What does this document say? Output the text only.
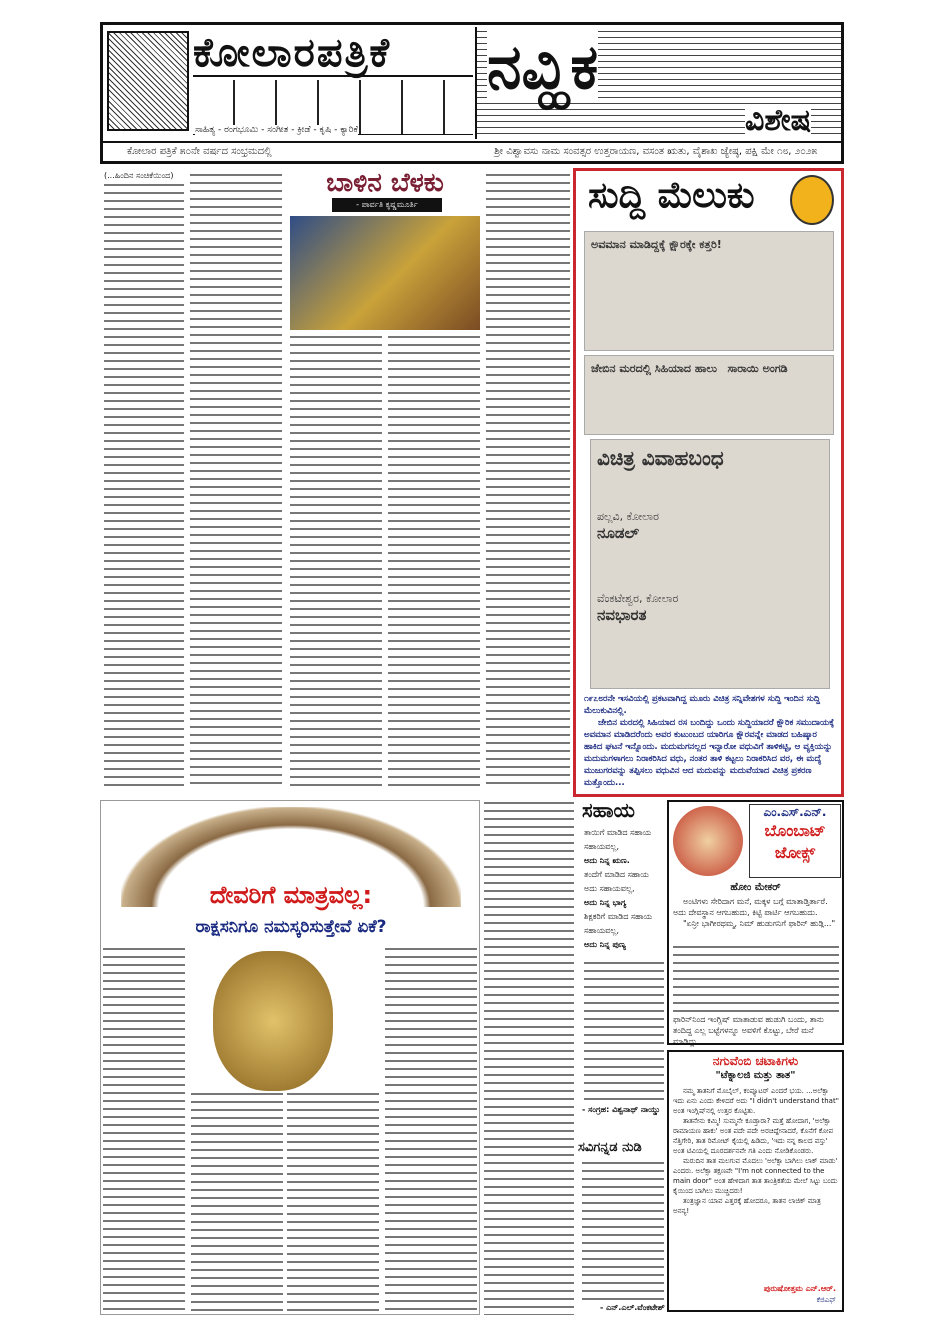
ಕೋಲಾರಪತ್ರಿಕೆ
ಸಾಹಿತ್ಯ - ರಂಗಭೂಮಿ - ಸಂಗೀತ - ಕ್ರೀಡೆ - ಕೃಷಿ - ಕ್ಯಾರಿಕೆ
ನವ್ಹಿಕ
ವಿಶೇಷ
ಕೋಲಾರ ಪತ್ರಿಕೆ ೫೦ನೇ ವರ್ಷದ ಸಂಭ್ರಮದಲ್ಲಿ	ಶ್ರೀ ವಿಶ್ವಾವಸು ನಾಮ ಸಂವತ್ಸರ ಉತ್ತರಾಯಣ, ವಸಂತ ಋತು, ವೈಶಾಖ ಜ್ಯೇಷ್ಠ, ಪಕ್ಷಿ ಮೇ ೧೮, ೨೦೨೫
(...ಹಿಂದಿನ ಸಂಚಿಕೆಯಿಂದ)	ಬಾಳಿನ ಬೆಳಕು
- ಪಾರ್ವತಿ ಕೃಷ್ಣಮೂರ್ತಿ	ಸುದ್ದಿ ಮೆಲುಕು
ಅವಮಾನ ಮಾಡಿದ್ದಕ್ಕೆ ಕ್ಷೌರಕ್ಕೇ ಕತ್ತರಿ!
ಜೇಬಿನ ಮರದಲ್ಲಿ ಸಿಹಿಯಾದ ಹಾಲು ಸಾರಾಯಿ ಅಂಗಡಿ
ವಿಚಿತ್ರ ವಿವಾಹಬಂಧ
ಪಲ್ಲವಿ, ಕೋಲಾರ
ನೂಡಲ್
ವೆಂಕಟೇಶ್ವರ, ಕೋಲಾರ
ನವಭಾರತ
೧೯೭೮ರನೇ ಇಸವಿಯಲ್ಲಿ ಪ್ರಕಟವಾಗಿದ್ದ ಮೂರು ವಿಚಿತ್ರ ಸನ್ನಿವೇಶಗಳ ಸುದ್ದಿ ಇಂದಿನ ಸುದ್ದಿ ಮೆಲುಕುವಿನಲ್ಲಿ.
ಜೇಬಿನ ಮರದಲ್ಲಿ ಸಿಹಿಯಾದ ರಸ ಬಂದಿದ್ದು ಒಂದು ಸುದ್ದಿಯಾದರೆ ಕ್ಷೌರಿಕ ಸಮುದಾಯಕ್ಕೆ ಅವಮಾನ ಮಾಡಿದರೆಂದು ಅವರ ಕುಟುಂಬದ ಯಾರಿಗೂ ಕ್ಷೌರವನ್ನೇ ಮಾಡದ ಬಹಿಷ್ಕಾರ ಹಾಕಿದ ಘಟನೆ ಇನ್ನೊಂದು. ಮದುಮಗನಲ್ಲದ ಇನ್ನಾರೋ ವಧುವಿಗೆ ತಾಳಿಕಟ್ಟಿ, ಆ ವ್ಯಕ್ತಿಯನ್ನು ಮದುಮಗಳಾಗಲು ನಿರಾಕರಿಸಿದ ವಧು, ನಂತರ ತಾಳಿ ಕಟ್ಟಲು ನಿರಾಕರಿಸಿದ ವರ, ಈ ಮದ್ಯೆ ಮುಜುಗರವನ್ನು ತಪ್ಪಿಸಲು ವಧುವಿನ ಆದ ಮದುವನ್ನು ಮದುವೆಯಾದ ವಿಚಿತ್ರ ಪ್ರಕರಣ ಮತ್ತೊಂದು...
ದೇವರಿಗೆ ಮಾತ್ರವಲ್ಲ:
ರಾಕ್ಷಸನಿಗೂ ನಮಸ್ಕರಿಸುತ್ತೇವೆ ಏಕೆ?
ಸಹಾಯ
ತಾಯಿಗೆ ಮಾಡಿದ ಸಹಾಯ ಸಹಾಯವಲ್ಲ,
ಅದು ನಿನ್ನ ಋಣ.
ತಂದೆಗೆ ಮಾಡಿದ ಸಹಾಯ ಅದು ಸಹಾಯವಲ್ಲ,
ಅದು ನಿನ್ನ ಭಾಗ್ಯ
ಶಿಕ್ಷಕರಿಗೆ ಮಾಡಿದ ಸಹಾಯ ಸಹಾಯವಲ್ಲ,
ಅದು ನಿನ್ನ ಪುಣ್ಯ
- ಸಂಗ್ರಹ: ವಿಶ್ವನಾಥ್ ನಾಯ್ಡು
ಸವಿಗನ್ನಡ ನುಡಿ
- ಎನ್.ಎಲ್.ವೆಂಕಟೇಶ್
ಎಂ.ಎಸ್.ಎನ್.
ಬೊಂಬಾಟ್ ಜೋಕ್ಸ್
ಹೋಂ ಮೇಕರ್
ಅಂಟಿಗಳು ಸೇರಿದಾಗ ಮನೆ, ಮಕ್ಕಳ ಬಗ್ಗೆ ಮಾತಾಡ್ತಿರ್ತಾರೆ. ಅದು ದೇವಸ್ಥಾನ ಆಗಬಹುದು, ಕಿಟ್ಟಿ ಪಾರ್ಟಿ ಆಗಬಹುದು.
"ಏನ್ರೀ ಭಾಗೀರಥಮ್ಮ, ನಿಮ್ ಹುಡುಗನಿಗೆ ಫಾರಿನ್ ಹುಡ್ಗಿ..."
ಫಾರಿನ್‌ನಿಂದ ಇಂಗ್ಲಿಷ್ ಮಾತಾಡುವ ಹುಡುಗಿ ಬಂದು, ತಾನು ತಂದಿದ್ದ ಎಲ್ಲ ಬಟ್ಟೆಗಳನ್ನೂ ಅವಳಿಗೆ ಕೊಟ್ಟು, ಬೇರೆ ಮನೆ ಮಾಡಿದ್ಲು
ನಗುವೆಂಬಿ ಚಟಾಕಿಗಳು
"ಟೆಕ್ನಾಲಜಿ ಮತ್ತು ತಾತ"
ನಮ್ಮ ತಾತನಿಗೆ ಮೊಬೈಲ್, ಕಂಪ್ಯೂಟರ್ ಎಂದರೆ ಭಯ. ...ಅಲೆಕ್ಸಾ ಇದು ಏನು ಎಂದು ಕೇಳಿದರೆ ಅದು "I didn't understand that" ಅಂತ ಇಂಗ್ಲಿಷ್‌ನಲ್ಲಿ ಉತ್ತರ ಕೊಟ್ಟಿತು.
ತಾತನೇನು ಕಮ್ಮಿ! ಸುಮ್ಮನೇ ಕೂಡ್ತಾರಾ? ಮತ್ತೆ ಹೋದಾಗ, 'ಅಲೆಕ್ಸಾ ರಾಮಾಯಣ ಹಾಕು' ಅಂತ ಪದೇ ಪದೇ ಅರಚಿದ್ದೇನಾದರೆ, ಕೊನೆಗೆ ಕೋಪ ನೆತ್ತಿಗೇರಿ, ತಾತ ರಿಮೋಟ್ ಕೈಯಲ್ಲಿ ಹಿಡಿದು, 'ಇದು ನನ್ನ ಕಾಲದ ವಸ್ತು' ಅಂತ ಟಿವಿಯಲ್ಲಿ ದೂರದರ್ಶನವೇ ಗತಿ ಎಂದು ನೋಡಿಕೊಂಡರು.
ಮರುದಿನ ತಾತ ಮಲಗುವ ಮೊದಲು 'ಅಲೆಕ್ಸಾ ಬಾಗಿಲು ಲಾಕ್ ಮಾಡು' ಎಂದರು. ಅಲೆಕ್ಸಾ ತಕ್ಷಣವೇ "I'm not connected to the main door" ಅಂತ ಹೇಳಿದಾಗ ತಾತ ತಾಂತ್ರಿಕತೆಯ ಮೇಲೆ ಸಿಟ್ಟು ಬಂದು ಕೈಯಿಂದ ಬಾಗಿಲು ಮುಚ್ಚಿದರು!
ತಂತ್ರಜ್ಞಾನ ಯಾವ ಎತ್ತರಕ್ಕೆ ಹೋದರೂ, ತಾತನ ಲಾಜಿಕ್ ಮಾತ್ರ ಅನನ್ಯ!
ಪುರುಷೋತ್ತಮ ಎನ್.ಆರ್.
ಕೆಜಿಎಫ್
